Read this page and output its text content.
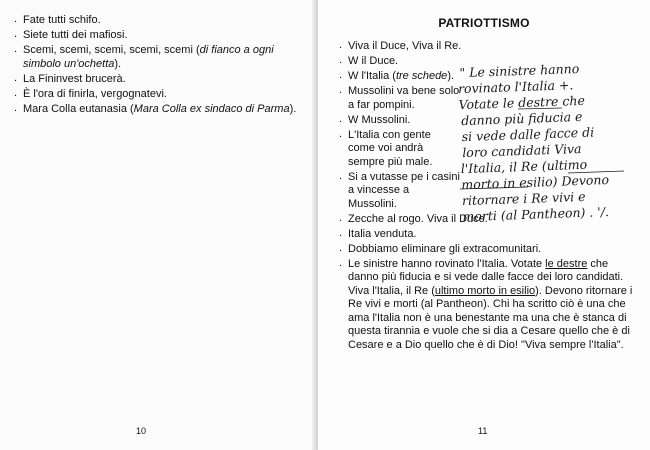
. Fate tutti schifo.
. Siete tutti dei mafiosi.
. Scemi, scemi, scemi, scemi, scemi (di fianco a ogni simbolo un'ochetta).
. La Fininvest brucerà.
. È l'ora di finirla, vergognatevi.
. Mara Colla eutanasia (Mara Colla ex sindaco di Parma).
10
PATRIOTTISMO
. Viva il Duce, Viva il Re.
. W il Duce.
. W l'Italia (tre schede).
. Mussolini va bene solo a far pompini.
. W Mussolini.
. L'Italia con gente come voi andrà sempre più male.
. Si a vutasse pe i casini a vincesse a Mussolini.
. Zecche al rogo. Viva il Duce.
. Italia venduta.
. Dobbiamo eliminare gli extracomunitari.
. Le sinistre hanno rovinato l'Italia. Votate le destre che danno più fiducia e si vede dalle facce dei loro candidati. Viva l'Italia, il Re (ultimo morto in esilio). Devono ritornare i Re vivi e morti (al Pantheon). Chi ha scritto ciò è una che ama l'Italia non è una benestante ma una che è stanca di questa tirannia e vuole che si dia a Cesare quello che è di Cesare e a Dio quello che è di Dio! "Viva sempre l'Italia".
" Le sinistre hanno
rovinato l'Italia +.
Votate le destre che
danno più fiducia e
si vede dalle facce di
loro candidati Viva
l'Italia, il Re (ultimo
morto in esilio) Devono
ritornare i Re vivi e
morti (al Pantheon) . '/.
11
